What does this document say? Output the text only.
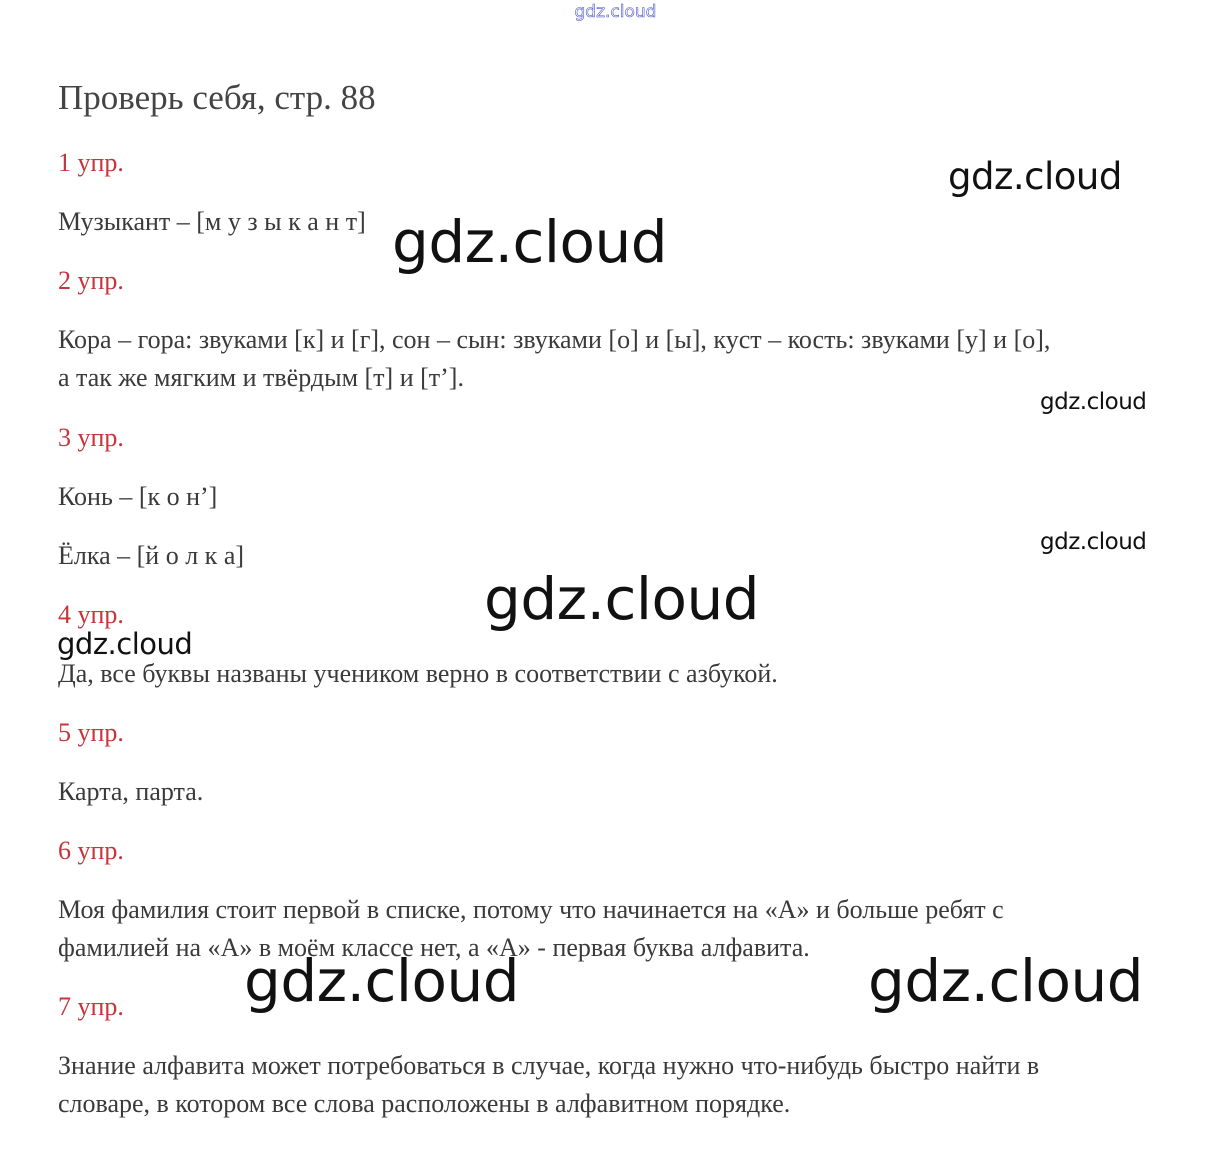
gdz.cloud
Проверь себя, стр. 88
1 упр.
Музыкант – [м у з ы к а н т]
2 упр.
Кора – гора: звуками [к] и [г], сон – сын: звуками [о] и [ы], куст – кость: звуками [у] и [о],
а так же мягким и твёрдым [т] и [т’].
3 упр.
Конь – [к о н’]
Ёлка – [й о л к а]
4 упр.
Да, все буквы названы учеником верно в соответствии с азбукой.
5 упр.
Карта, парта.
6 упр.
Моя фамилия стоит первой в списке, потому что начинается на «А» и больше ребят с
фамилией на «А» в моём классе нет, а «А» - первая буква алфавита.
7 упр.
Знание алфавита может потребоваться в случае, когда нужно что-нибудь быстро найти в
словаре, в котором все слова расположены в алфавитном порядке.
gdz.cloud
gdz.cloud
gdz.cloud
gdz.cloud
gdz.cloud
gdz.cloud
gdz.cloud	gdz.cloud
